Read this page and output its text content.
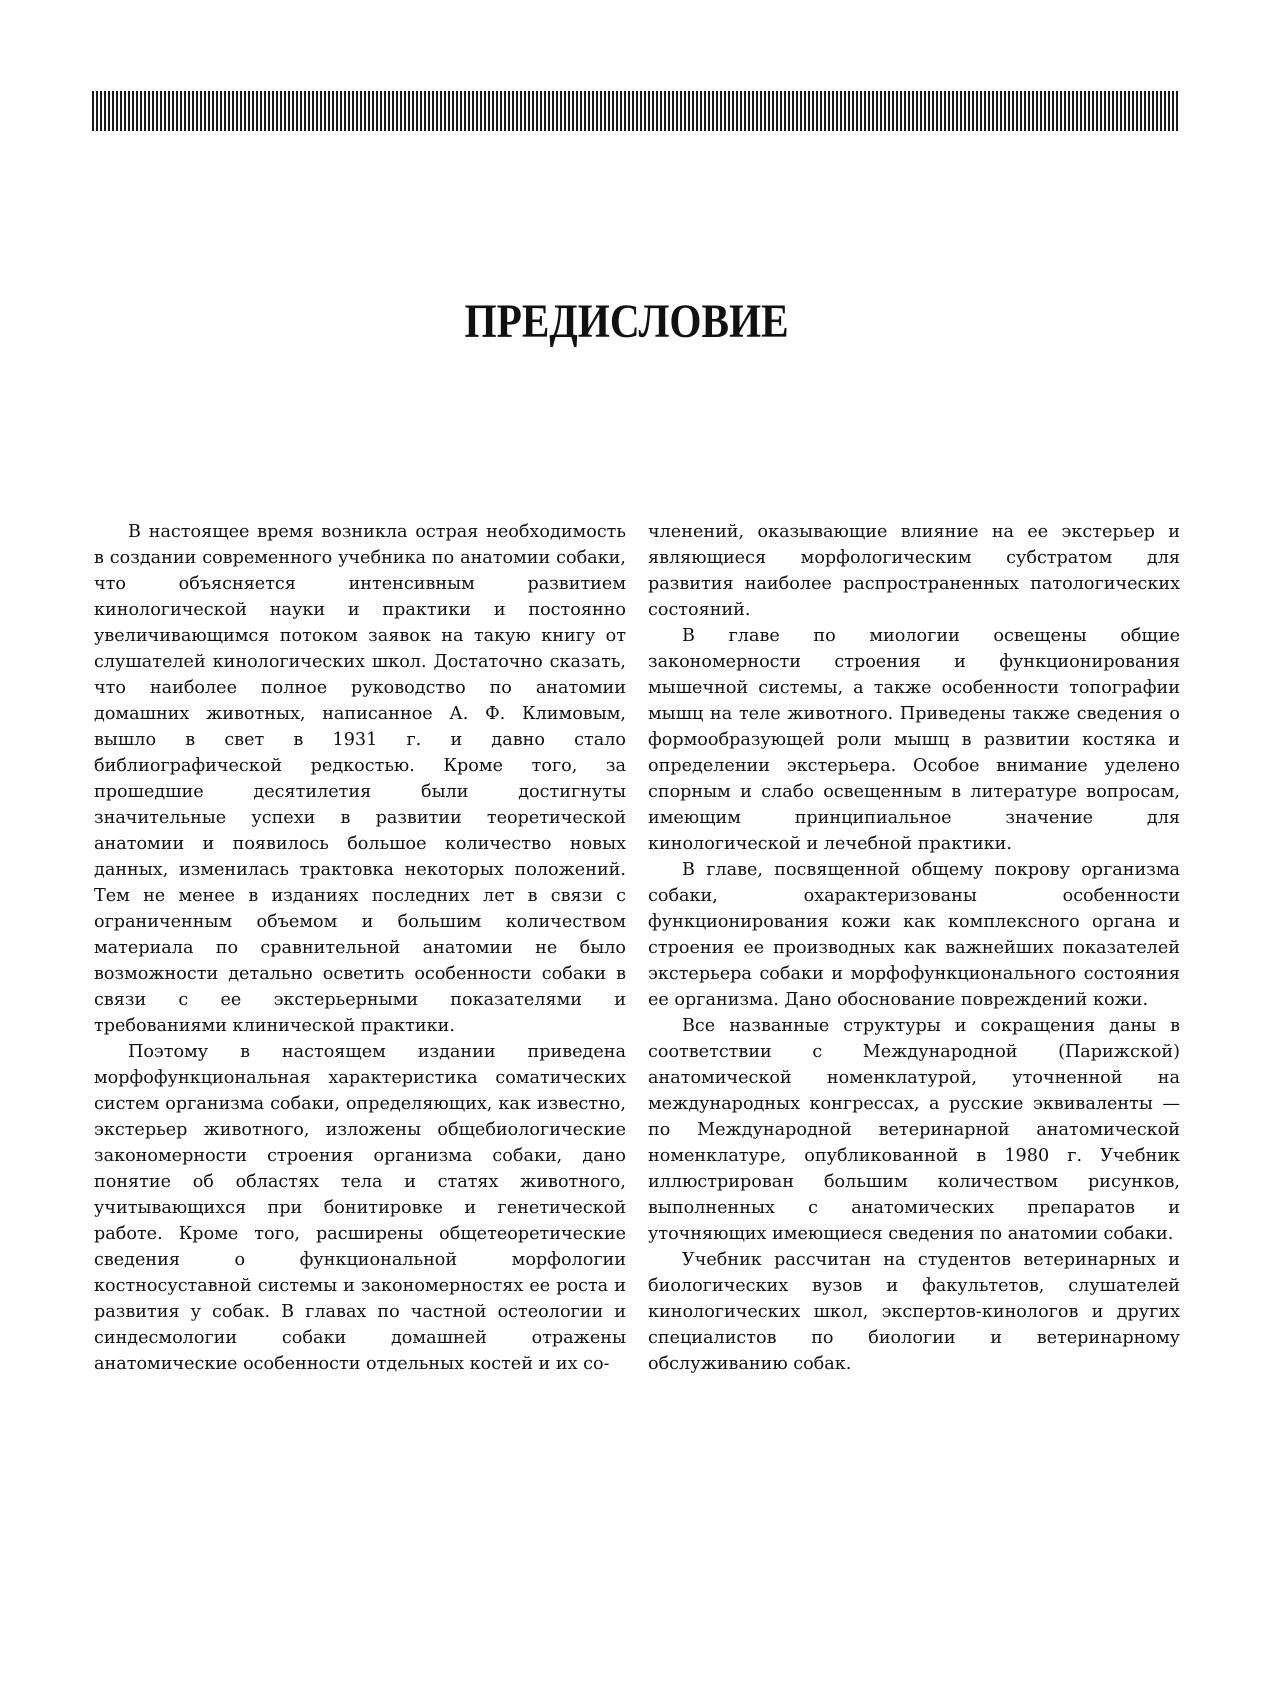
ПРЕДИСЛОВИЕ

В настоящее время возникла острая необходимость в создании современного учебника по анатомии собаки, что объясняется интенсивным развитием кинологической науки и практики и постоянно увеличивающимся потоком заявок на такую книгу от слушателей кинологических школ. Достаточно сказать, что наиболее полное руководство по анатомии домашних животных, написанное А. Ф. Климовым, вышло в свет в 1931 г. и давно стало библиографической редкостью. Кроме того, за прошедшие десятилетия были достигнуты значительные успехи в развитии теоретической анатомии и появилось большое количество новых данных, изменилась трактовка некоторых положений. Тем не менее в изданиях последних лет в связи с ограниченным объемом и большим количеством материала по сравнительной анатомии не было возможности детально осветить особенности собаки в связи с ее экстерьерными показателями и требованиями клинической практики.

Поэтому в настоящем издании приведена морфофункциональная характеристика соматических систем организма собаки, определяющих, как известно, экстерьер животного, изложены общебиологические закономерности строения организма собаки, дано понятие об областях тела и статях животного, учитывающихся при бонитировке и генетической работе. Кроме того, расширены общетеоретические сведения о функциональной морфологии костносуставной системы и закономерностях ее роста и развития у собак. В главах по частной остеологии и синдесмологии собаки домашней отражены анатомические особенности отдельных костей и их со-

членений, оказывающие влияние на ее экстерьер и являющиеся морфологическим субстратом для развития наиболее распространенных патологических состояний.

В главе по миологии освещены общие закономерности строения и функционирования мышечной системы, а также особенности топографии мышц на теле животного. Приведены также сведения о формообразующей роли мышц в развитии костяка и определении экстерьера. Особое внимание уделено спорным и слабо освещенным в литературе вопросам, имеющим принципиальное значение для кинологической и лечебной практики.

В главе, посвященной общему покрову организма собаки, охарактеризованы особенности функционирования кожи как комплексного органа и строения ее производных как важнейших показателей экстерьера собаки и морфофункционального состояния ее организма. Дано обоснование повреждений кожи.

Все названные структуры и сокращения даны в соответствии с Международной (Парижской) анатомической номенклатурой, уточненной на международных конгрессах, а русские эквиваленты — по Международной ветеринарной анатомической номенклатуре, опубликованной в 1980 г. Учебник иллюстрирован большим количеством рисунков, выполненных с анатомических препаратов и уточняющих имеющиеся сведения по анатомии собаки.

Учебник рассчитан на студентов ветеринарных и биологических вузов и факультетов, слушателей кинологических школ, экспертов-кинологов и других специалистов по биологии и ветеринарному обслуживанию собак.
